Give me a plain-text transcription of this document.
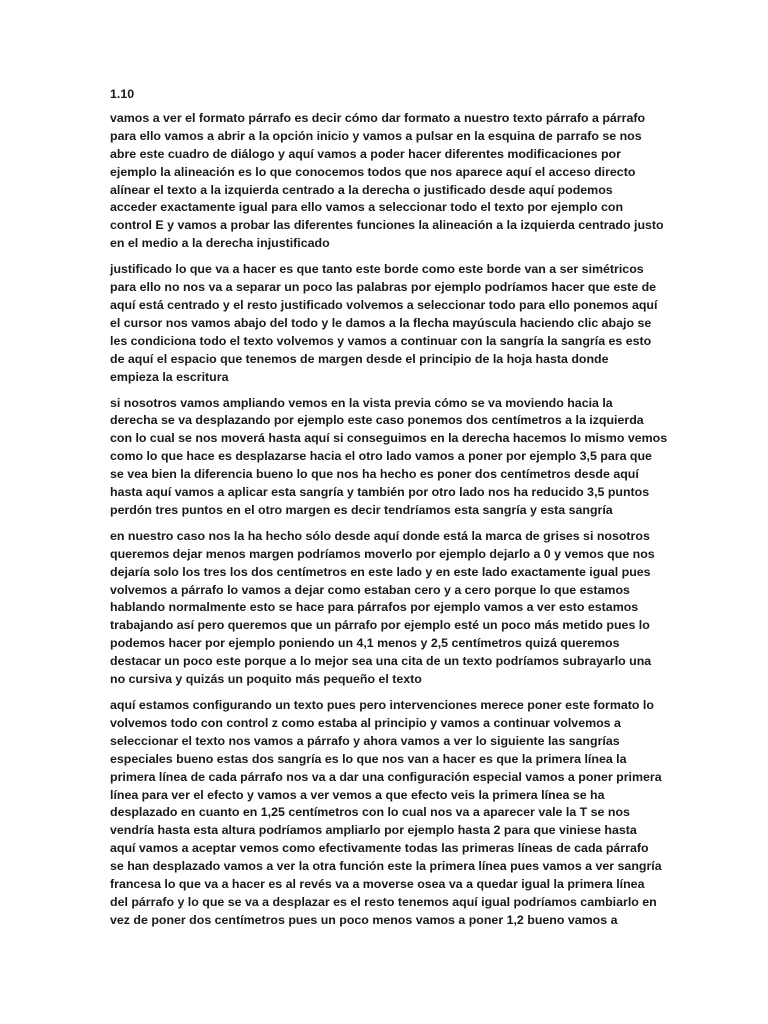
1.10
vamos a ver el formato párrafo es decir cómo dar formato a nuestro texto párrafo a párrafo
para ello vamos a abrir a la opción inicio y vamos a pulsar en la esquina de parrafo se nos
abre este cuadro de diálogo y aquí vamos a poder hacer diferentes modificaciones por
ejemplo la alineación es lo que conocemos todos que nos aparece aquí el acceso directo
alínear el texto a la izquierda centrado a la derecha o justificado desde aquí podemos
acceder exactamente igual para ello vamos a seleccionar todo el texto por ejemplo con
control E y vamos a probar las diferentes funciones la alineación a la izquierda centrado justo
en el medio a la derecha injustificado
justificado lo que va a hacer es que tanto este borde como este borde van a ser simétricos
para ello no nos va a separar un poco las palabras por ejemplo podríamos hacer que este de
aquí está centrado y el resto justificado volvemos a seleccionar todo para ello ponemos aquí
el cursor nos vamos abajo del todo y le damos a la flecha mayúscula haciendo clic abajo se
les condiciona todo el texto volvemos y vamos a continuar con la sangría la sangría es esto
de aquí el espacio que tenemos de margen desde el principio de la hoja hasta donde
empieza la escritura
si nosotros vamos ampliando vemos en la vista previa cómo se va moviendo hacia la
derecha se va desplazando por ejemplo este caso ponemos dos centímetros a la izquierda
con lo cual se nos moverá hasta aquí si conseguimos en la derecha hacemos lo mismo vemos
como lo que hace es desplazarse hacia el otro lado vamos a poner por ejemplo 3,5 para que
se vea bien la diferencia bueno lo que nos ha hecho es poner dos centímetros desde aquí
hasta aquí vamos a aplicar esta sangría y también por otro lado nos ha reducido 3,5 puntos
perdón tres puntos en el otro margen es decir tendríamos esta sangría y esta sangría
en nuestro caso nos la ha hecho sólo desde aquí donde está la marca de grises si nosotros
queremos dejar menos margen podríamos moverlo por ejemplo dejarlo a 0 y vemos que nos
dejaría solo los tres los dos centímetros en este lado y en este lado exactamente igual pues
volvemos a párrafo lo vamos a dejar como estaban cero y a cero porque lo que estamos
hablando normalmente esto se hace para párrafos por ejemplo vamos a ver esto estamos
trabajando así pero queremos que un párrafo por ejemplo esté un poco más metido pues lo
podemos hacer por ejemplo poniendo un 4,1 menos y 2,5 centímetros quizá queremos
destacar un poco este porque a lo mejor sea una cita de un texto podríamos subrayarlo una
no cursiva y quizás un poquito más pequeño el texto
aquí estamos configurando un texto pues pero intervenciones merece poner este formato lo
volvemos todo con control z como estaba al principio y vamos a continuar volvemos a
seleccionar el texto nos vamos a párrafo y ahora vamos a ver lo siguiente las sangrías
especiales bueno estas dos sangría es lo que nos van a hacer es que la primera línea la
primera línea de cada párrafo nos va a dar una configuración especial vamos a poner primera
línea para ver el efecto y vamos a ver vemos a que efecto veis la primera línea se ha
desplazado en cuanto en 1,25 centímetros con lo cual nos va a aparecer vale la T se nos
vendría hasta esta altura podríamos ampliarlo por ejemplo hasta 2 para que viniese hasta
aquí vamos a aceptar vemos como efectivamente todas las primeras líneas de cada párrafo
se han desplazado vamos a ver la otra función este la primera línea pues vamos a ver sangría
francesa lo que va a hacer es al revés va a moverse osea va a quedar igual la primera línea
del párrafo y lo que se va a desplazar es el resto tenemos aquí igual podríamos cambiarlo en
vez de poner dos centímetros pues un poco menos vamos a poner 1,2 bueno vamos a
